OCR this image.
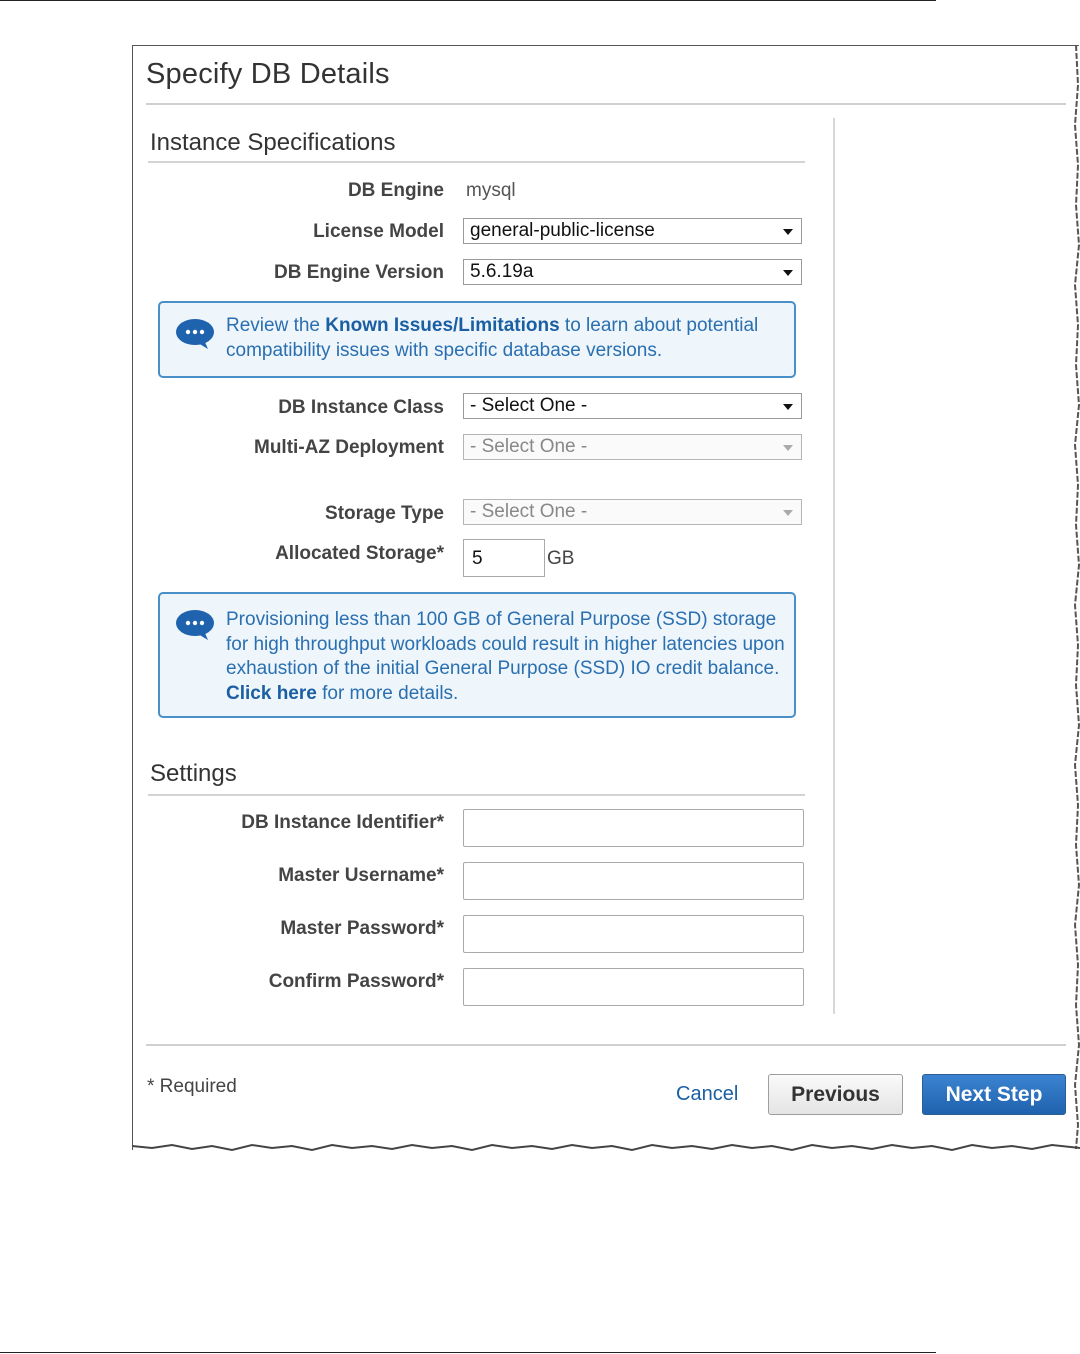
Specify DB Details
Instance Specifications
DB Engine mysql
License Model	general-public-license
DB Engine Version	5.6.19a
Review the Known Issues/Limitations to learn about potential compatibility issues with specific database versions.
DB Instance Class	- Select One -
Multi-AZ Deployment	- Select One -
Storage Type	- Select One -
Allocated Storage*	5	GB
Provisioning less than 100 GB of General Purpose (SSD) storage for high throughput workloads could result in higher latencies upon exhaustion of the initial General Purpose (SSD) IO credit balance. Click here for more details.
Settings
DB Instance Identifier*
Master Username*
Master Password*
Confirm Password*
* Required	Cancel	Previous	Next Step
